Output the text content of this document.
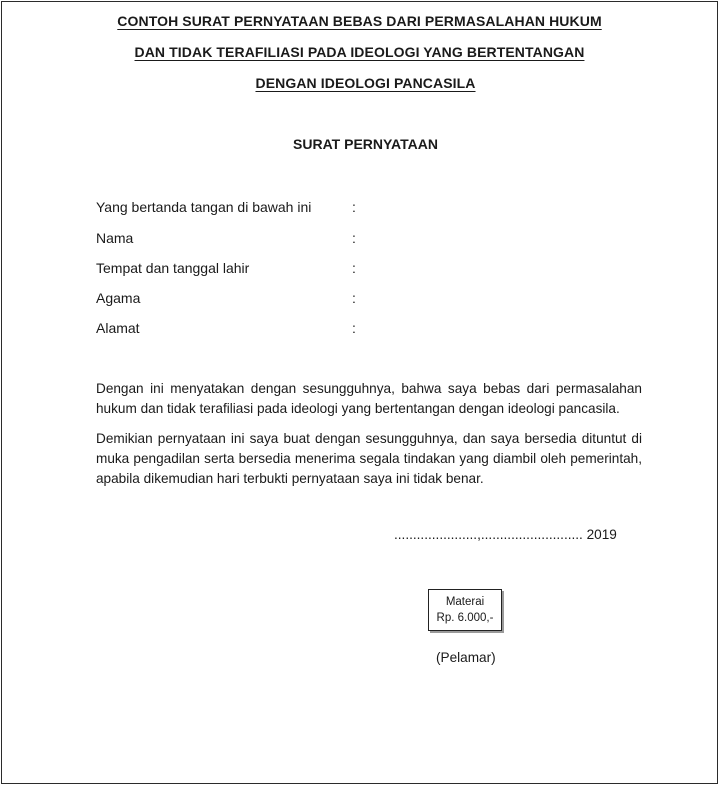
CONTOH SURAT PERNYATAAN BEBAS DARI PERMASALAHAN HUKUM
DAN TIDAK TERAFILIASI PADA IDEOLOGI YANG BERTENTANGAN
DENGAN IDEOLOGI PANCASILA
SURAT PERNYATAAN
Yang bertanda tangan di bawah ini	:
Nama	:
Tempat dan tanggal lahir	:
Agama	:
Alamat	:
Dengan ini menyatakan dengan sesungguhnya, bahwa saya bebas dari permasalahan hukum dan tidak terafiliasi pada ideologi yang bertentangan dengan ideologi pancasila.
Demikian pernyataan ini saya buat dengan sesungguhnya, dan saya bersedia dituntut di muka pengadilan serta bersedia menerima segala tindakan yang diambil oleh pemerintah, apabila dikemudian hari terbukti pernyataan saya ini tidak benar.
......................,........................... 2019
Materai
Rp. 6.000,-
(Pelamar)
